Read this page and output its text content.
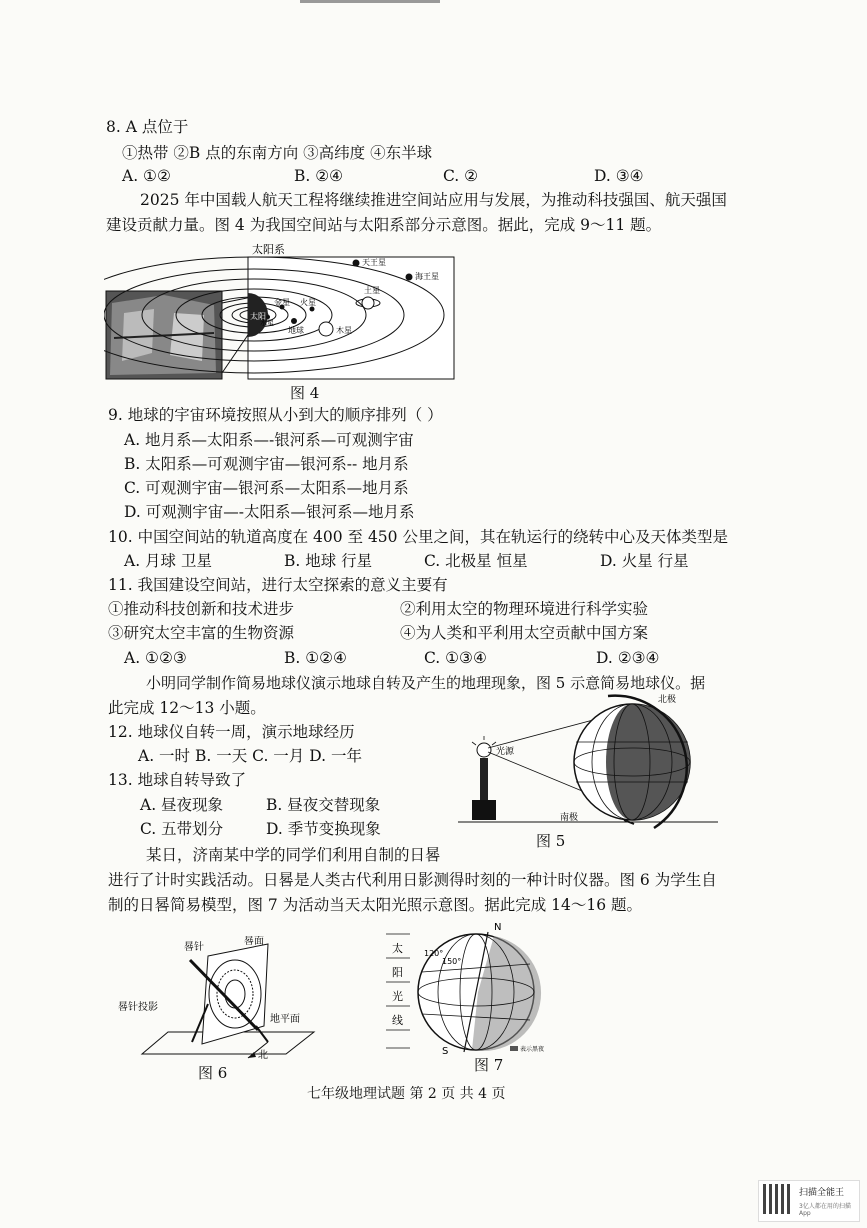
8. A 点位于
①热带 ②B 点的东南方向 ③高纬度 ④东半球
A. ①②	B. ②④	C. ②	D. ③④
2025 年中国载人航天工程将继续推进空间站应用与发展，为推动科技强国、航天强国
建设贡献力量。图 4 为我国空间站与太阳系部分示意图。据此，完成 9～11 题。
太阳系
太阳
天王星
海王星
土星
木星
火星
地球
金星
水星
图 4
9. 地球的宇宙环境按照从小到大的顺序排列（ ）
A. 地月系—太阳系—-银河系—可观测宇宙
B. 太阳系—可观测宇宙—银河系-- 地月系
C. 可观测宇宙—银河系—太阳系—地月系
D. 可观测宇宙—-太阳系—银河系—地月系
10. 中国空间站的轨道高度在 400 至 450 公里之间，其在轨运行的绕转中心及天体类型是
A. 月球 卫星	B. 地球 行星	C. 北极星 恒星	D. 火星 行星
11. 我国建设空间站，进行太空探索的意义主要有
①推动科技创新和技术进步	②利用太空的物理环境进行科学实验
③研究太空丰富的生物资源	④为人类和平利用太空贡献中国方案
A. ①②③	B. ①②④	C. ①③④	D. ②③④
小明同学制作简易地球仪演示地球自转及产生的地理现象，图 5 示意简易地球仪。据
此完成 12～13 小题。
12. 地球仪自转一周，演示地球经历
A. 一时 B. 一天 C. 一月 D. 一年
13. 地球自转导致了
A. 昼夜现象	B. 昼夜交替现象
C. 五带划分	D. 季节变换现象
光源
北极
南极
图 5
某日，济南某中学的同学们利用自制的日晷
进行了计时实践活动。日晷是人类古代利用日影测得时刻的一种计时仪器。图 6 为学生自
制的日晷简易模型，图 7 为活动当天太阳光照示意图。据此完成 14～16 题。
晷针
晷面
晷针投影
地平面
北
图 6
太
阳
光
线
N
S
120°
150°
表示黑夜
图 7
七年级地理试题 第 2 页 共 4 页
扫描全能王
3亿人都在用的扫描App
